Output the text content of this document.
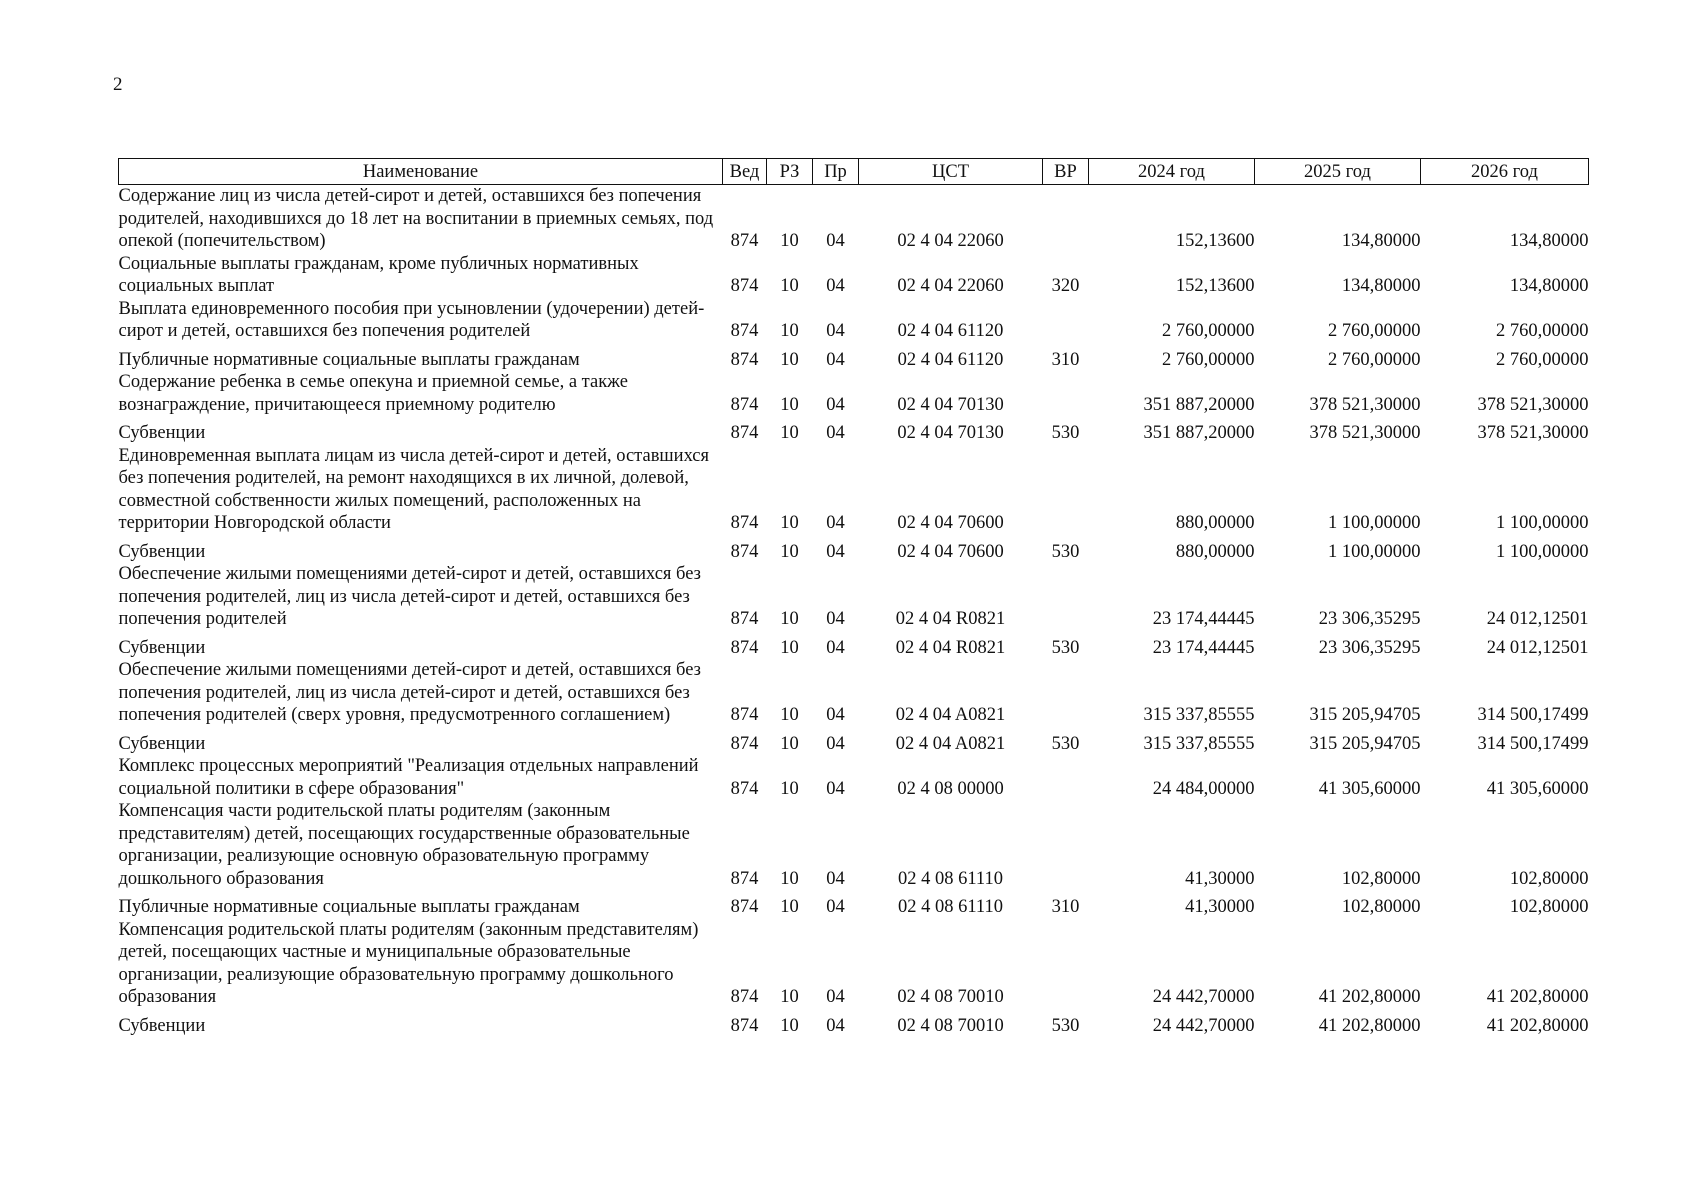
2
Наименование	Вед	РЗ	Пр	ЦСТ	ВР	2024 год	2025 год	2026 год
Содержание лиц из числа детей-сирот и детей, оставшихся без попечения родителей, находившихся до 18 лет на воспитании в приемных семьях, под опекой (попечительством)	874	10	04	02 4 04 22060		152,13600	134,80000	134,80000
Социальные выплаты гражданам, кроме публичных нормативных социальных выплат	874	10	04	02 4 04 22060	320	152,13600	134,80000	134,80000
Выплата единовременного пособия при усыновлении (удочерении) детей-сирот и детей, оставшихся без попечения родителей	874	10	04	02 4 04 61120		2 760,00000	2 760,00000	2 760,00000
Публичные нормативные социальные выплаты гражданам	874	10	04	02 4 04 61120	310	2 760,00000	2 760,00000	2 760,00000
Содержание ребенка в семье опекуна и приемной семье, а также вознаграждение, причитающееся приемному родителю	874	10	04	02 4 04 70130		351 887,20000	378 521,30000	378 521,30000
Субвенции	874	10	04	02 4 04 70130	530	351 887,20000	378 521,30000	378 521,30000
Единовременная выплата лицам из числа детей-сирот и детей, оставшихся без попечения родителей, на ремонт находящихся в их личной, долевой, совместной собственности жилых помещений, расположенных на территории Новгородской области	874	10	04	02 4 04 70600		880,00000	1 100,00000	1 100,00000
Субвенции	874	10	04	02 4 04 70600	530	880,00000	1 100,00000	1 100,00000
Обеспечение жилыми помещениями детей-сирот и детей, оставшихся без попечения родителей, лиц из числа детей-сирот и детей, оставшихся без попечения родителей	874	10	04	02 4 04 R0821		23 174,44445	23 306,35295	24 012,12501
Субвенции	874	10	04	02 4 04 R0821	530	23 174,44445	23 306,35295	24 012,12501
Обеспечение жилыми помещениями детей-сирот и детей, оставшихся без попечения родителей, лиц из числа детей-сирот и детей, оставшихся без попечения родителей (сверх уровня, предусмотренного соглашением)	874	10	04	02 4 04 A0821		315 337,85555	315 205,94705	314 500,17499
Субвенции	874	10	04	02 4 04 A0821	530	315 337,85555	315 205,94705	314 500,17499
Комплекс процессных мероприятий "Реализация отдельных направлений социальной политики в сфере образования"	874	10	04	02 4 08 00000		24 484,00000	41 305,60000	41 305,60000
Компенсация части родительской платы родителям (законным представителям) детей, посещающих государственные образовательные организации, реализующие основную образовательную программу дошкольного образования	874	10	04	02 4 08 61110		41,30000	102,80000	102,80000
Публичные нормативные социальные выплаты гражданам	874	10	04	02 4 08 61110	310	41,30000	102,80000	102,80000
Компенсация родительской платы родителям (законным представителям) детей, посещающих частные и муниципальные образовательные организации, реализующие образовательную программу дошкольного образования	874	10	04	02 4 08 70010		24 442,70000	41 202,80000	41 202,80000
Субвенции	874	10	04	02 4 08 70010	530	24 442,70000	41 202,80000	41 202,80000
